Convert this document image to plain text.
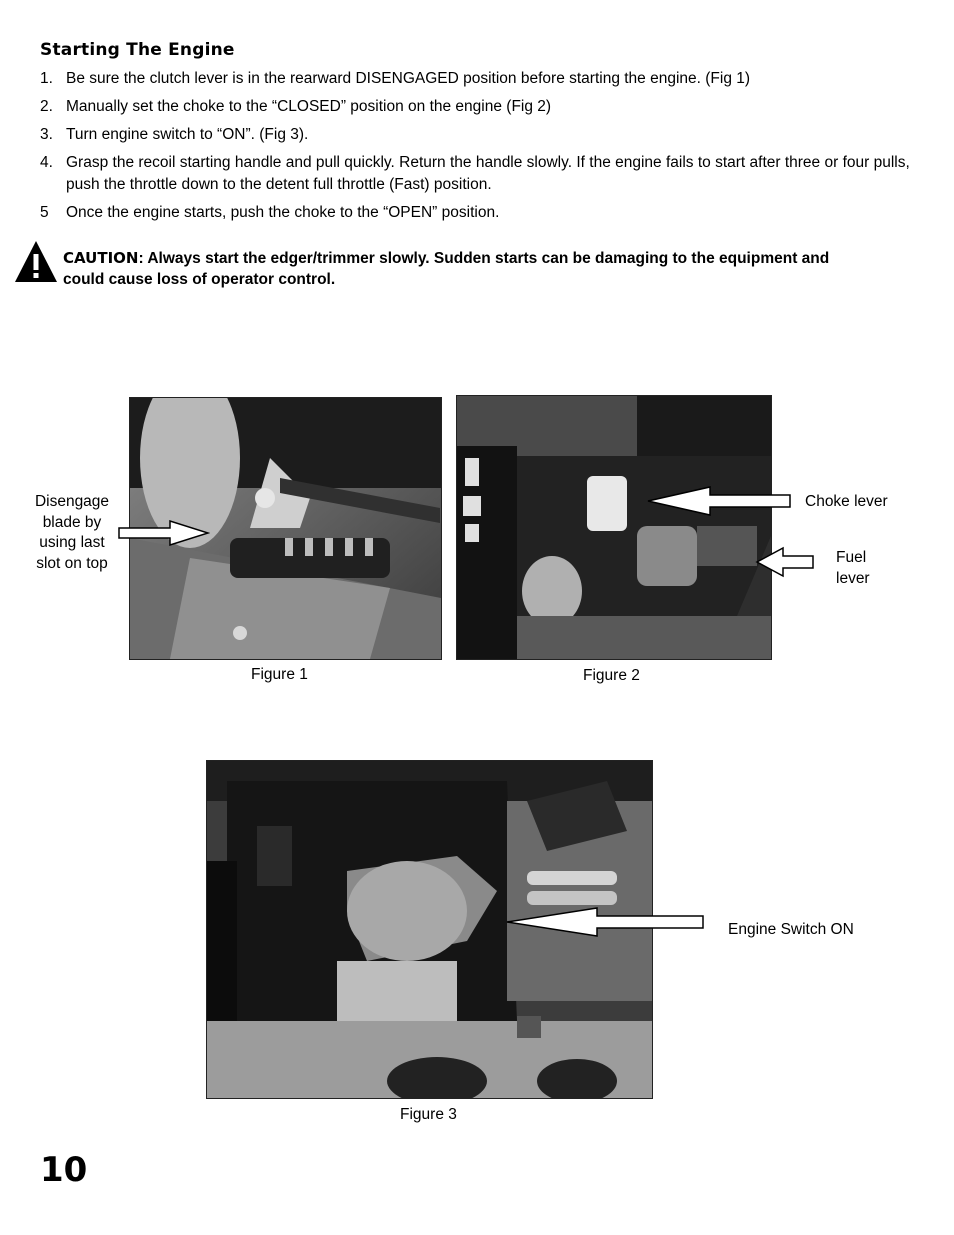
Starting The Engine
1. Be sure the clutch lever is in the rearward DISENGAGED position before starting the engine. (Fig 1)
2. Manually set the choke to the “CLOSED” position on the engine (Fig 2)
3. Turn engine switch to “ON”. (Fig 3).
4. Grasp the recoil starting handle and pull quickly. Return the handle slowly. If the engine fails to start after three or four pulls, push the throttle down to the detent full throttle (Fast) position.
5 Once the engine starts, push the choke to the “OPEN” position.
CAUTION: Always start the edger/trimmer slowly. Sudden starts can be damaging to the equipment and could cause loss of operator control.
Disengage
blade by
using last
slot on top
Figure 1
Choke lever
Fuel
lever
Figure 2
Engine Switch ON
Figure 3
10
